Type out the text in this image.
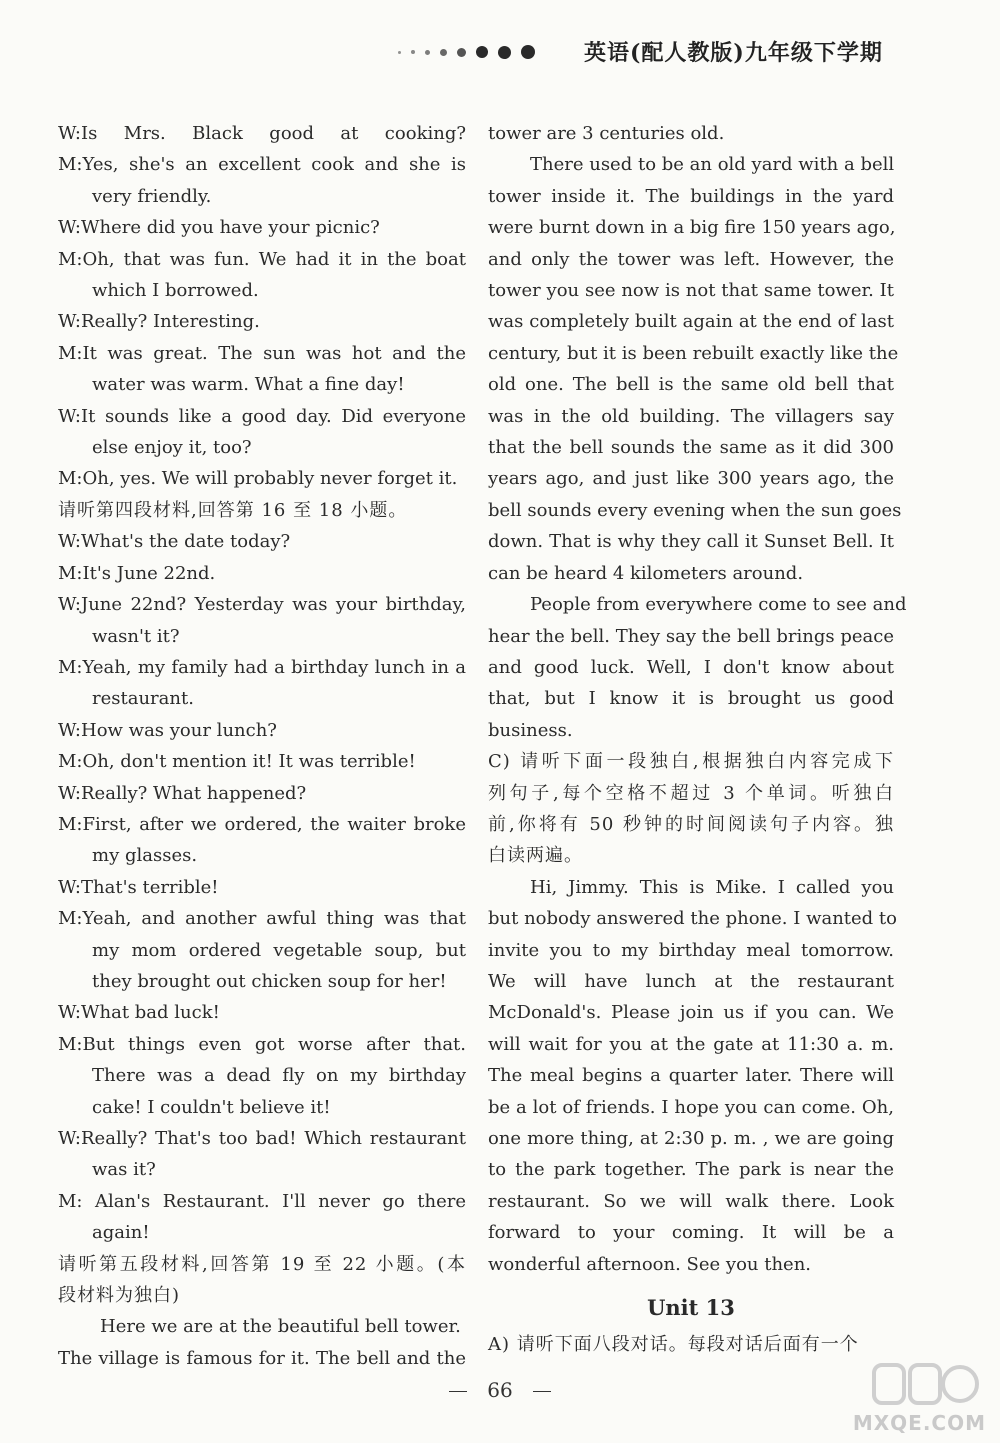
英语(配人教版)九年级下学期
W:Is Mrs. Black good at cooking?
M:Yes, she's an excellent cook and she is
very friendly.
W:Where did you have your picnic?
M:Oh, that was fun. We had it in the boat
which I borrowed.
W:Really? Interesting.
M:It was great. The sun was hot and the
water was warm. What a fine day!
W:It sounds like a good day. Did everyone
else enjoy it, too?
M:Oh, yes. We will probably never forget it.
请听第四段材料,回答第 16 至 18 小题。
W:What's the date today?
M:It's June 22nd.
W:June 22nd? Yesterday was your birthday,
wasn't it?
M:Yeah, my family had a birthday lunch in a
restaurant.
W:How was your lunch?
M:Oh, don't mention it! It was terrible!
W:Really? What happened?
M:First, after we ordered, the waiter broke
my glasses.
W:That's terrible!
M:Yeah, and another awful thing was that
my mom ordered vegetable soup, but
they brought out chicken soup for her!
W:What bad luck!
M:But things even got worse after that.
There was a dead fly on my birthday
cake! I couldn't believe it!
W:Really? That's too bad! Which restaurant
was it?
M: Alan's Restaurant. I'll never go there
again!
请听第五段材料,回答第 19 至 22 小题。(本
段材料为独白)
Here we are at the beautiful bell tower.
The village is famous for it. The bell and the
tower are 3 centuries old.
There used to be an old yard with a bell
tower inside it. The buildings in the yard
were burnt down in a big fire 150 years ago,
and only the tower was left. However, the
tower you see now is not that same tower. It
was completely built again at the end of last
century, but it is been rebuilt exactly like the
old one. The bell is the same old bell that
was in the old building. The villagers say
that the bell sounds the same as it did 300
years ago, and just like 300 years ago, the
bell sounds every evening when the sun goes
down. That is why they call it Sunset Bell. It
can be heard 4 kilometers around.
People from everywhere come to see and
hear the bell. They say the bell brings peace
and good luck. Well, I don't know about
that, but I know it is brought us good
business.
C) 请听下面一段独白,根据独白内容完成下
列句子,每个空格不超过 3 个单词。听独白
前,你将有 50 秒钟的时间阅读句子内容。独
白读两遍。
Hi, Jimmy. This is Mike. I called you
but nobody answered the phone. I wanted to
invite you to my birthday meal tomorrow.
We will have lunch at the restaurant
McDonald's. Please join us if you can. We
will wait for you at the gate at 11:30 a. m.
The meal begins a quarter later. There will
be a lot of friends. I hope you can come. Oh,
one more thing, at 2:30 p. m. , we are going
to the park together. The park is near the
restaurant. So we will walk there. Look
forward to your coming. It will be a
wonderful afternoon. See you then.
Unit 13
A) 请听下面八段对话。每段对话后面有一个
66
MXQE.COM
